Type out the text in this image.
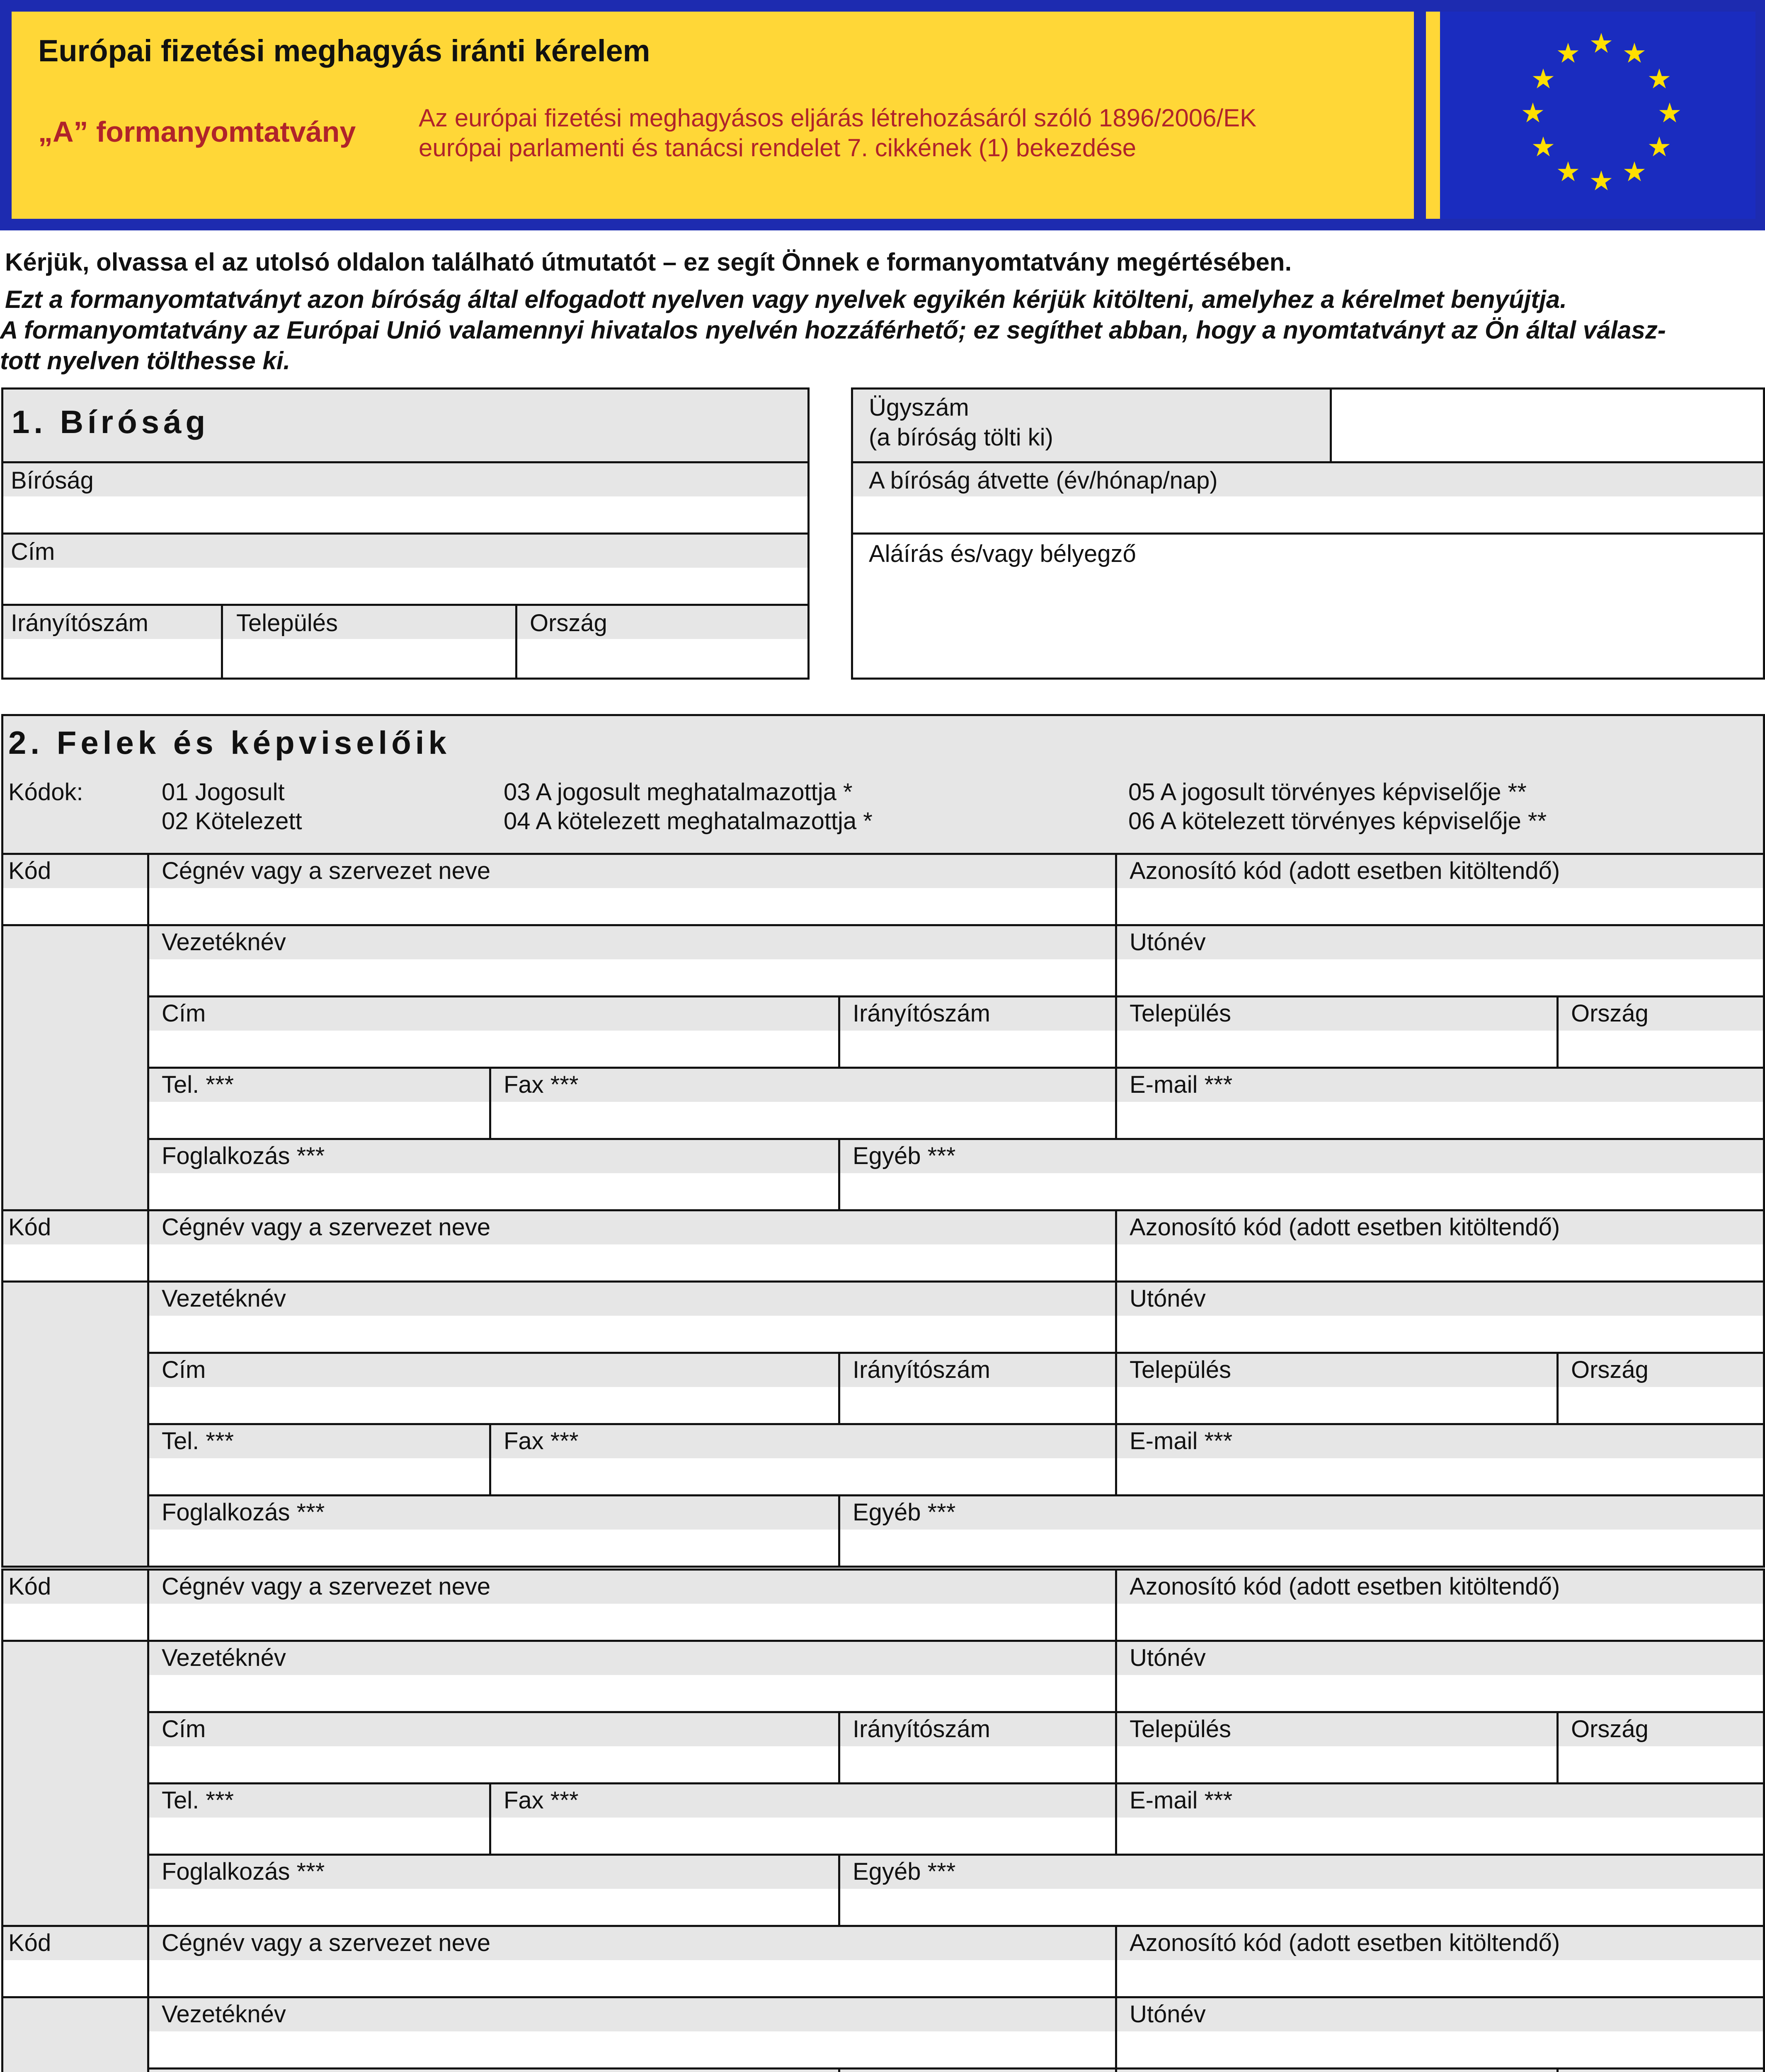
Európai fizetési meghagyás iránti kérelem
„A” formanyomtatvány	Az európai fizetési meghagyásos eljárás létrehozásáról szóló 1896/2006/EK
európai parlamenti és tanácsi rendelet 7. cikkének (1) bekezdése
★ ★
★
★
★
★
★
★
★
★
★
★
Kérjük, olvassa el az utolsó oldalon található útmutatót – ez segít Önnek e formanyomtatvány megértésében.
Ezt a formanyomtatványt azon bíróság által elfogadott nyelven vagy nyelvek egyikén kérjük kitölteni, amelyhez a kérelmet benyújtja.
A formanyomtatvány az Európai Unió valamennyi hivatalos nyelvén hozzáférhető; ez segíthet abban, hogy a nyomtatványt az Ön által válasz-
tott nyelven tölthesse ki.
1. Bíróság
Bíróság
Cím
Irányítószám	Település	Ország
Ügyszám
(a bíróság tölti ki)
A bíróság átvette (év/hónap/nap)
Aláírás és/vagy bélyegző
2. Felek és képviselőik
Kódok:	01 Jogosult
02 Kötelezett
03 A jogosult meghatalmazottja *
04 A kötelezett meghatalmazottja *
05 A jogosult törvényes képviselője **
06 A kötelezett törvényes képviselője **
Kód	Cégnév vagy a szervezet neve	Azonosító kód (adott esetben kitöltendő)
Vezetéknév	Utónév
Cím	Irányítószám	Település	Ország
Tel. ***	Fax ***	E-mail ***
Foglalkozás ***	Egyéb ***
Kód	Cégnév vagy a szervezet neve	Azonosító kód (adott esetben kitöltendő)
Vezetéknév	Utónév
Cím	Irányítószám	Település	Ország
Tel. ***	Fax ***	E-mail ***
Foglalkozás ***	Egyéb ***
Kód	Cégnév vagy a szervezet neve	Azonosító kód (adott esetben kitöltendő)
Vezetéknév	Utónév
Cím	Irányítószám	Település	Ország
Tel. ***	Fax ***	E-mail ***
Foglalkozás ***	Egyéb ***
Kód	Cégnév vagy a szervezet neve	Azonosító kód (adott esetben kitöltendő)
Vezetéknév	Utónév
